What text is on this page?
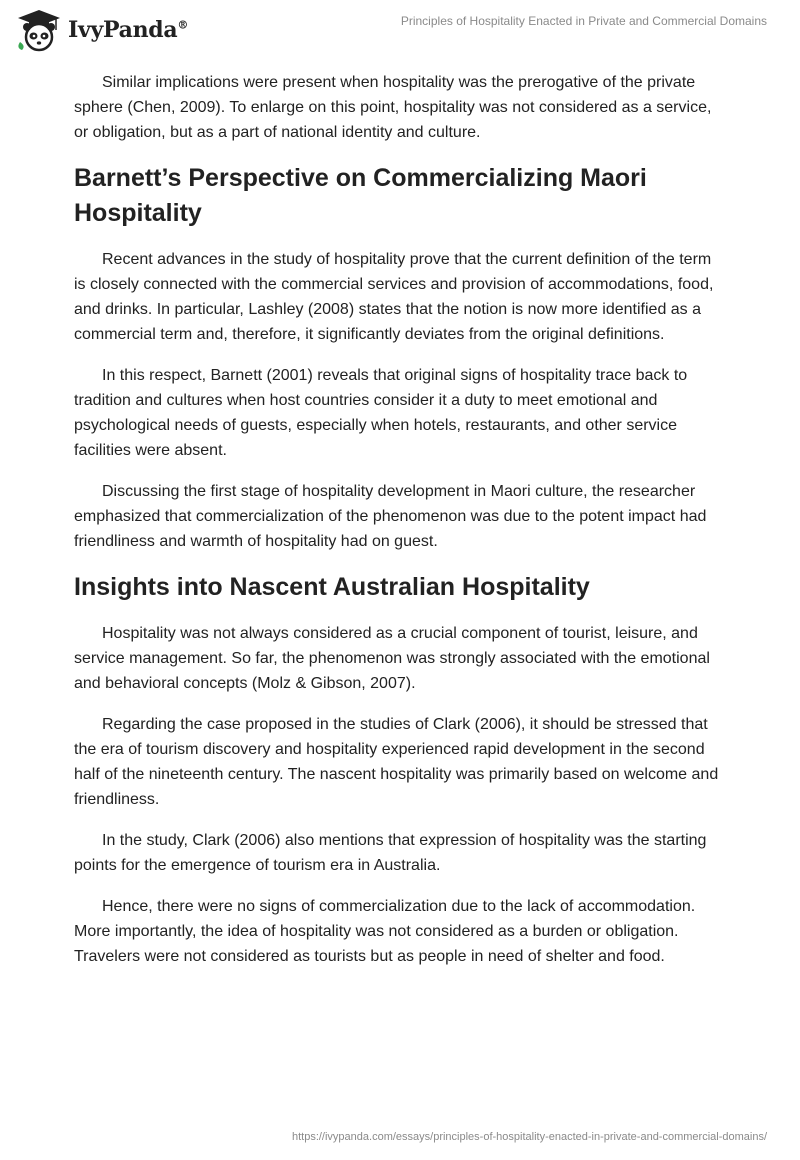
IvyPanda®	Principles of Hospitality Enacted in Private and Commercial Domains

Similar implications were present when hospitality was the prerogative of the private sphere (Chen, 2009). To enlarge on this point, hospitality was not considered as a service, or obligation, but as a part of national identity and culture.

Barnett’s Perspective on Commercializing Maori Hospitality

Recent advances in the study of hospitality prove that the current definition of the term is closely connected with the commercial services and provision of accommodations, food, and drinks. In particular, Lashley (2008) states that the notion is now more identified as a commercial term and, therefore, it significantly deviates from the original definitions.

In this respect, Barnett (2001) reveals that original signs of hospitality trace back to tradition and cultures when host countries consider it a duty to meet emotional and psychological needs of guests, especially when hotels, restaurants, and other service facilities were absent.

Discussing the first stage of hospitality development in Maori culture, the researcher emphasized that commercialization of the phenomenon was due to the potent impact had friendliness and warmth of hospitality had on guest.

Insights into Nascent Australian Hospitality

Hospitality was not always considered as a crucial component of tourist, leisure, and service management. So far, the phenomenon was strongly associated with the emotional and behavioral concepts (Molz & Gibson, 2007).

Regarding the case proposed in the studies of Clark (2006), it should be stressed that the era of tourism discovery and hospitality experienced rapid development in the second half of the nineteenth century. The nascent hospitality was primarily based on welcome and friendliness.

In the study, Clark (2006) also mentions that expression of hospitality was the starting points for the emergence of tourism era in Australia.

Hence, there were no signs of commercialization due to the lack of accommodation. More importantly, the idea of hospitality was not considered as a burden or obligation. Travelers were not considered as tourists but as people in need of shelter and food.

https://ivypanda.com/essays/principles-of-hospitality-enacted-in-private-and-commercial-domains/
